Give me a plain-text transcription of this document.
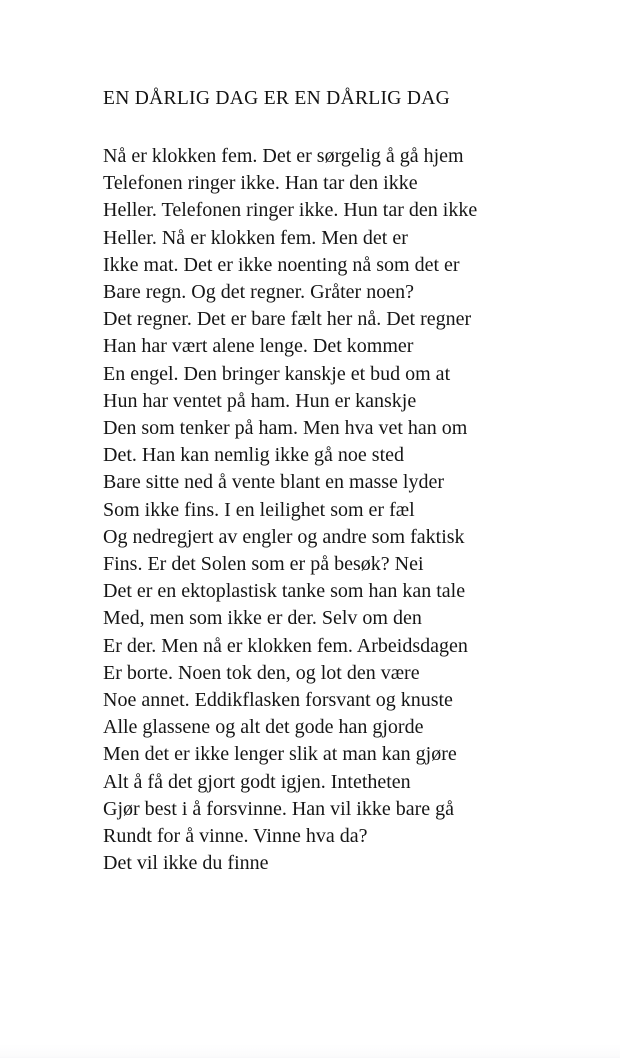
EN DÅRLIG DAG ER EN DÅRLIG DAG
Nå er klokken fem. Det er sørgelig å gå hjem
Telefonen ringer ikke. Han tar den ikke
Heller. Telefonen ringer ikke. Hun tar den ikke
Heller. Nå er klokken fem. Men det er
Ikke mat. Det er ikke noenting nå som det er
Bare regn. Og det regner. Gråter noen?
Det regner. Det er bare fælt her nå. Det regner
Han har vært alene lenge. Det kommer
En engel. Den bringer kanskje et bud om at
Hun har ventet på ham. Hun er kanskje
Den som tenker på ham. Men hva vet han om
Det. Han kan nemlig ikke gå noe sted
Bare sitte ned å vente blant en masse lyder
Som ikke fins. I en leilighet som er fæl
Og nedregjert av engler og andre som faktisk
Fins. Er det Solen som er på besøk? Nei
Det er en ektoplastisk tanke som han kan tale
Med, men som ikke er der. Selv om den
Er der. Men nå er klokken fem. Arbeidsdagen
Er borte. Noen tok den, og lot den være
Noe annet. Eddikflasken forsvant og knuste
Alle glassene og alt det gode han gjorde
Men det er ikke lenger slik at man kan gjøre
Alt å få det gjort godt igjen. Intetheten
Gjør best i å forsvinne. Han vil ikke bare gå
Rundt for å vinne. Vinne hva da?
Det vil ikke du finne
